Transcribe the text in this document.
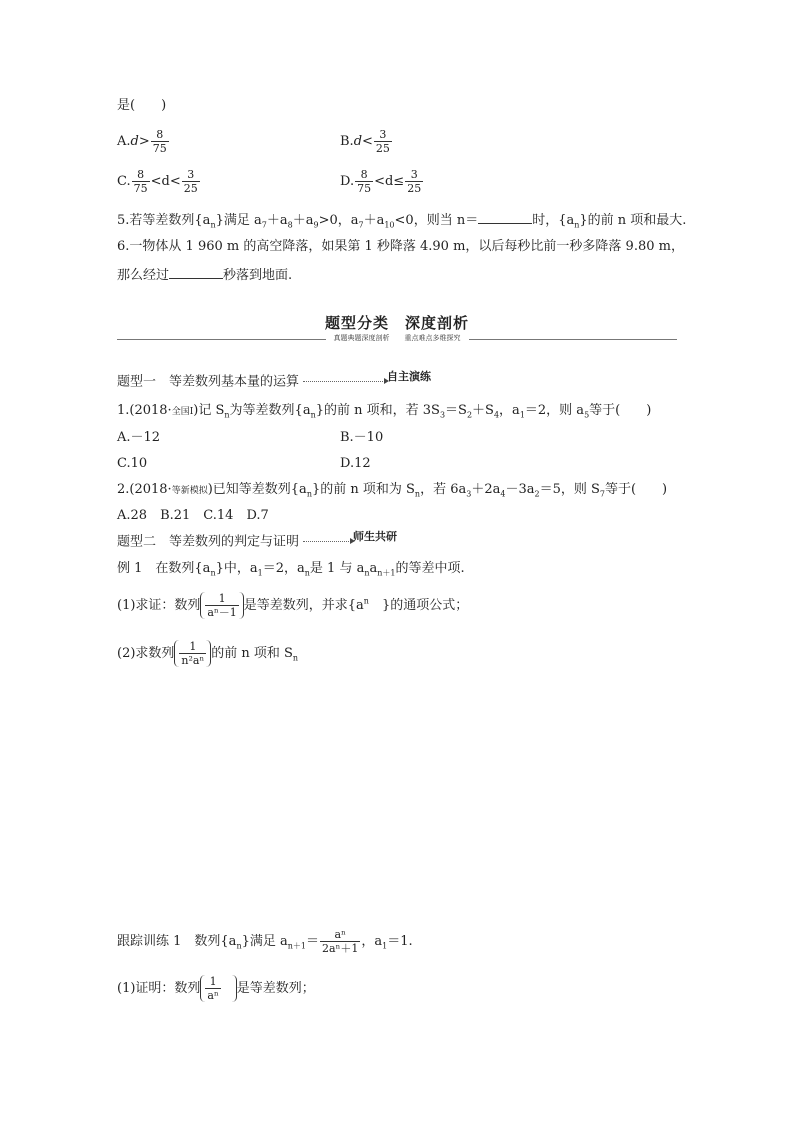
是(　　)
$A.d> \frac{8}{75}$	$B.d< \frac{3}{25}$
C. $\frac{8}{75} <d< \frac{3}{25}$	D. $\frac{8}{75} <d\le \frac{3}{25}$
5.若等差数列$\{a_n\}$满足 $a_7+a_8+a_9>0$，$a_7+a_{10}<0$，则当 n＝	时，$\{a_n\}$的前 n 项和最大.
6.一物体从 1 960 m 的高空降落，如果第 1 秒降落 4.90 m，以后每秒比前一秒多降落 9.80 m，
那么经过	秒落到地面.
题型分类　深度剖析
真题典题深度剖析　 重点难点多维探究
题型一　等差数列基本量的运算	$^{自主演练}$
1.(2018·全国Ⅰ)记 $S_n$为等差数列$\{a_n\}$的前 n 项和，若 $3S_3=S_2+S_4$，$a_1=2$，则 $a_5$等于(　　)
A.－12	B.－10
C.10	D.12
2.(2018·等新模拟)已知等差数列$\{a_n\}$的前 n 项和为 $S_n$，若 $6a_3+2a_4-3a_2=5$，则 $S_7$等于(　　)
A.28　B.21　C.14　D.7
题型二　等差数列的判定与证明	$^{师生共研}$
例 1　在数列$\{a_n\}$中，$a_1=2$，$a_n$是 1 与 $a_na_{n+1}$的等差中项.
(1)求证：数列 $\frac{1}{\text{aⁿ－1}}$ 是等差数列，并求{$a^n$　}的通项公式；
(2)求数列 $\frac{1}{\text{n²aⁿ}}$ 的前 n 项和 $S_n$
跟踪训练 1　数列$\{a_n\}$满足 $a_{n+1}= \frac{\text{aⁿ}}{\text{2aⁿ＋1}}$ ，$a_1=1$.
(1)证明：数列 $\frac{1}{\text{aⁿ}}$ 是等差数列；
